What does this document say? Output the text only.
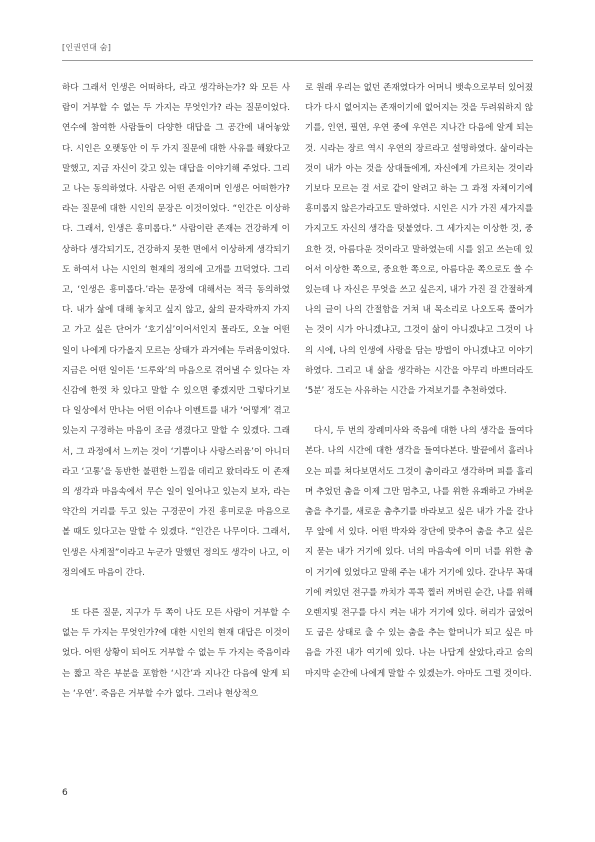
[인권연대 숨]

하다 그래서 인생은 어떠하다, 라고 생각하는가? 와 모든 사람이 거부할 수 없는 두 가지는 무엇인가? 라는 질문이었다. 연수에 참여한 사람들이 다양한 대답을 그 공간에 내어놓았다. 시인은 오랫동안 이 두 가지 질문에 대한 사유를 해왔다고 말했고, 지금 자신이 갖고 있는 대답을 이야기해 주었다. 그리고 나는 동의하였다. 사람은 어떤 존재이며 인생은 어떠한가? 라는 질문에 대한 시인의 문장은 이것이었다. “인간은 이상하다. 그래서, 인생은 흥미롭다.” 사람이란 존재는 건강하게 이상하다 생각되기도, 건강하지 못한 면에서 이상하게 생각되기도 하여서 나는 시인의 현재의 정의에 고개를 끄덕였다. 그리고, ‘인생은 흥미롭다.’라는 문장에 대해서는 적극 동의하였다. 내가 삶에 대해 놓치고 싶지 않고, 삶의 끝자락까지 가지고 가고 싶은 단어가 ‘호기심’이어서인지 몰라도, 오늘 어떤 일이 나에게 다가올지 모르는 상태가 과거에는 두려움이었다. 지금은 어떤 일이든 ‘드루와’의 마음으로 겪어낼 수 있다는 자신감에 한껏 차 있다고 말할 수 있으면 좋겠지만 그렇다기보다 일상에서 만나는 어떤 이슈나 이벤트를 내가 ‘어떻게’ 겪고 있는지 구경하는 마음이 조금 생겼다고 말할 수 있겠다. 그래서, 그 과정에서 느끼는 것이 ‘기쁨이나 사랑스러움’이 아니더라고 ‘고통’을 동반한 불편한 느낌을 데리고 왔더라도 이 존재의 생각과 마음속에서 무슨 일이 일어나고 있는지 보자, 라는 약간의 거리를 두고 있는 구경꾼이 가진 흥미로운 마음으로 볼 때도 있다고는 말할 수 있겠다. “인간은 나무이다. 그래서, 인생은 사계절”이라고 누군가 말했던 정의도 생각이 나고, 이 정의에도 마음이 간다.

또 다른 질문, 지구가 두 쪽이 나도 모든 사람이 거부할 수 없는 두 가지는 무엇인가?에 대한 시인의 현재 대답은 이것이었다. 어떤 상황이 되어도 거부할 수 없는 두 가지는 죽음이라는 짧고 작은 부분을 포함한 ‘시간’과 지나간 다음에 알게 되는 ‘우연’. 죽음은 거부할 수가 없다. 그러나 현상적으

로 원래 우리는 없던 존재였다가 어머니 뱃속으로부터 있어졌다가 다시 없어지는 존재이기에 없어지는 것을 두려워하지 않기를, 인연, 필연, 우연 중에 우연은 지나간 다음에 알게 되는 것. 시라는 장르 역시 우연의 장르라고 설명하였다. 삶이라는 것이 내가 아는 것을 상대들에게, 자신에게 가르치는 것이라기보다 모르는 걸 서로 같이 알려고 하는 그 과정 자체이기에 흥미롭지 않은가라고도 말하였다. 시인은 시가 가진 세가지를 가지고도 자신의 생각을 덧붙였다. 그 세가지는 이상한 것, 중요한 것, 아름다운 것이라고 말하였는데 시를 읽고 쓰는데 있어서 이상한 쪽으로, 중요한 쪽으로, 아름다운 쪽으로도 쓸 수 있는데 나 자신은 무엇을 쓰고 싶은지, 내가 가진 걸 간절하게 나의 글이 나의 간절함을 거쳐 내 목소리로 나오도록 풀어가는 것이 시가 아니겠냐고, 그것이 삶이 아니겠냐고 그것이 나의 시에, 나의 인생에 사랑을 담는 방법이 아니겠냐고 이야기하였다. 그리고 내 삶을 생각하는 시간을 아무리 바쁘더라도 ‘5분’ 정도는 사유하는 시간을 가져보기를 추천하였다.

다시, 두 번의 장례미사와 죽음에 대한 나의 생각을 들여다본다. 나의 시간에 대한 생각을 들여다본다. 발끝에서 흘러나오는 피를 쳐다보면서도 그것이 춤이라고 생각하며 피를 흘리며 추었던 춤을 이제 그만 멈추고, 나를 위한 유쾌하고 가벼운 춤을 추기를, 새로운 춤추기를 바라보고 싶은 내가 가을 갈나무 앞에 서 있다. 어떤 박자와 장단에 맞추어 춤을 추고 싶은지 묻는 내가 거기에 있다. 너의 마음속에 이미 너를 위한 춤이 거기에 있었다고 말해 주는 내가 거기에 있다. 갈나무 꼭대기에 켜있던 전구를 까치가 콕콕 찔러 꺼버린 순간, 나를 위해 오렌지빛 전구를 다시 켜는 내가 거기에 있다. 허리가 굽었어도 굽은 상태로 출 수 있는 춤을 추는 할머니가 되고 싶은 마음을 가진 내가 여기에 있다. 나는 나답게 살았다,라고 숨의 마지막 순간에 나에게 말할 수 있겠는가. 아마도 그럴 것이다.

6
